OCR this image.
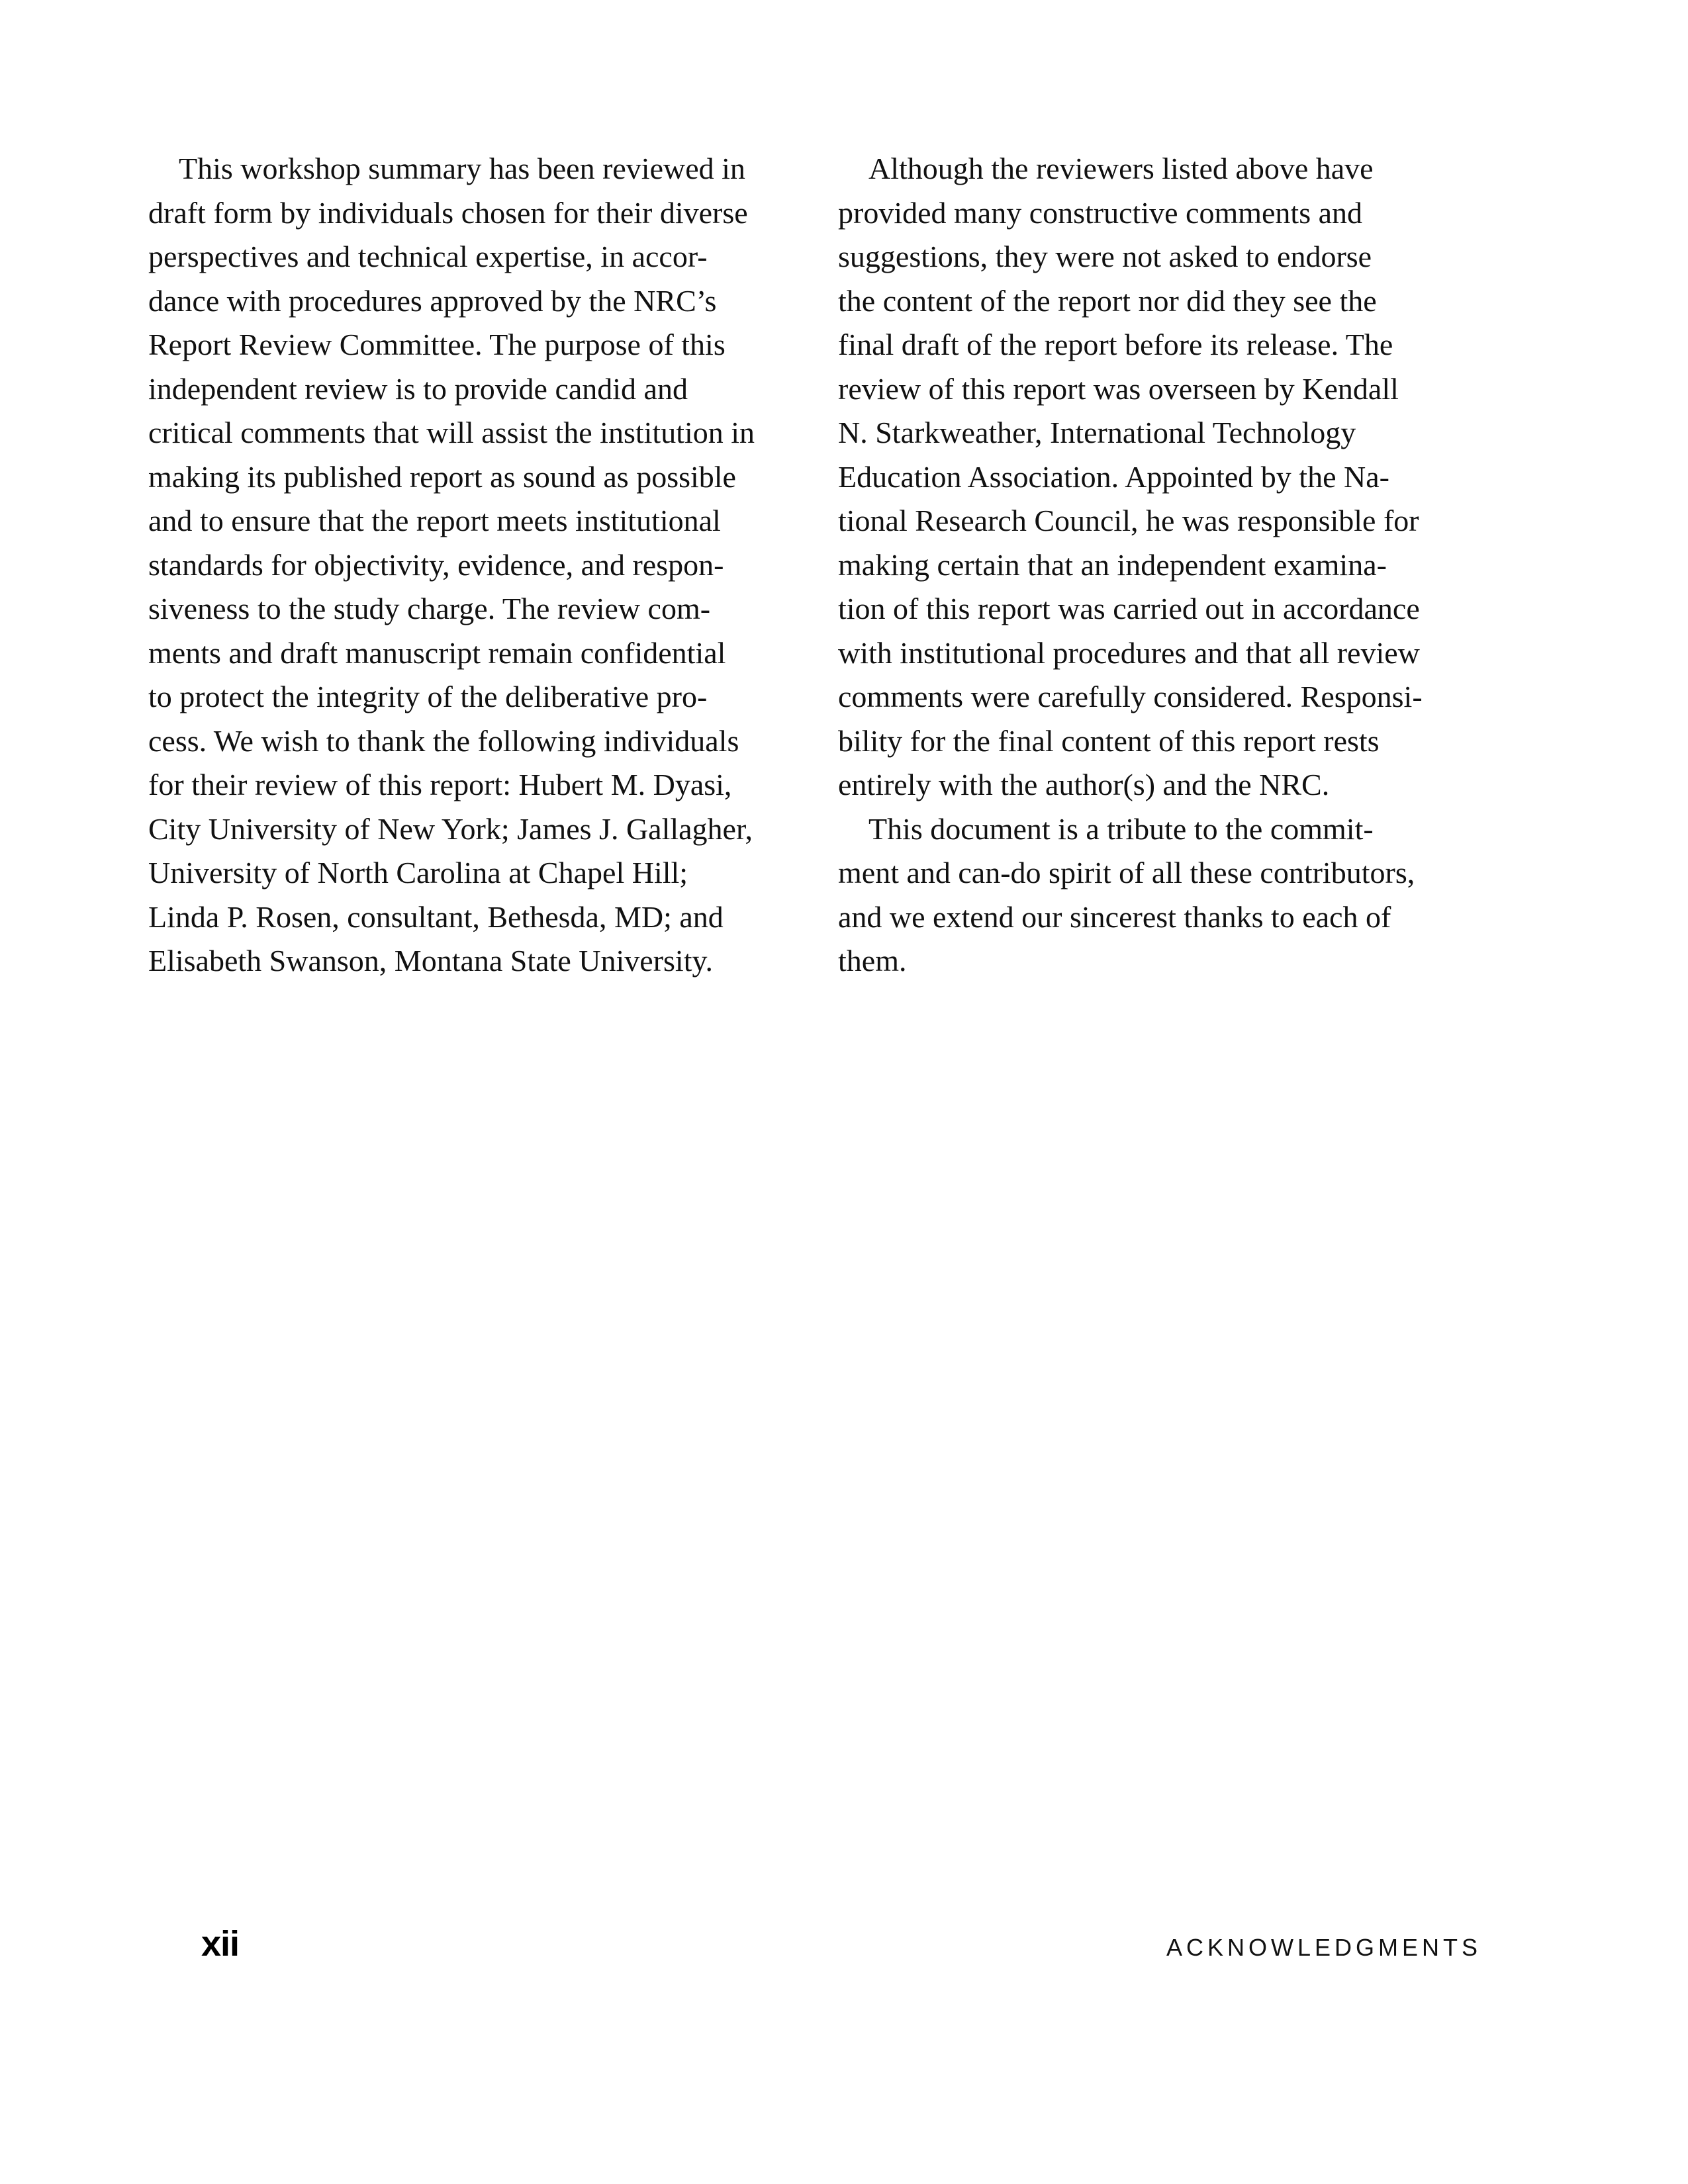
This workshop summary has been reviewed in
draft form by individuals chosen for their diverse
perspectives and technical expertise, in accor-
dance with procedures approved by the NRC’s
Report Review Committee. The purpose of this
independent review is to provide candid and
critical comments that will assist the institution in
making its published report as sound as possible
and to ensure that the report meets institutional
standards for objectivity, evidence, and respon-
siveness to the study charge. The review com-
ments and draft manuscript remain confidential
to protect the integrity of the deliberative pro-
cess. We wish to thank the following individuals
for their review of this report: Hubert M. Dyasi,
City University of New York; James J. Gallagher,
University of North Carolina at Chapel Hill;
Linda P. Rosen, consultant, Bethesda, MD; and
Elisabeth Swanson, Montana State University.
Although the reviewers listed above have
provided many constructive comments and
suggestions, they were not asked to endorse
the content of the report nor did they see the
final draft of the report before its release. The
review of this report was overseen by Kendall
N. Starkweather, International Technology
Education Association. Appointed by the Na-
tional Research Council, he was responsible for
making certain that an independent examina-
tion of this report was carried out in accordance
with institutional procedures and that all review
comments were carefully considered. Responsi-
bility for the final content of this report rests
entirely with the author(s) and the NRC.
This document is a tribute to the commit-
ment and can-do spirit of all these contributors,
and we extend our sincerest thanks to each of
them.
xii	ACKNOWLEDGMENTS
